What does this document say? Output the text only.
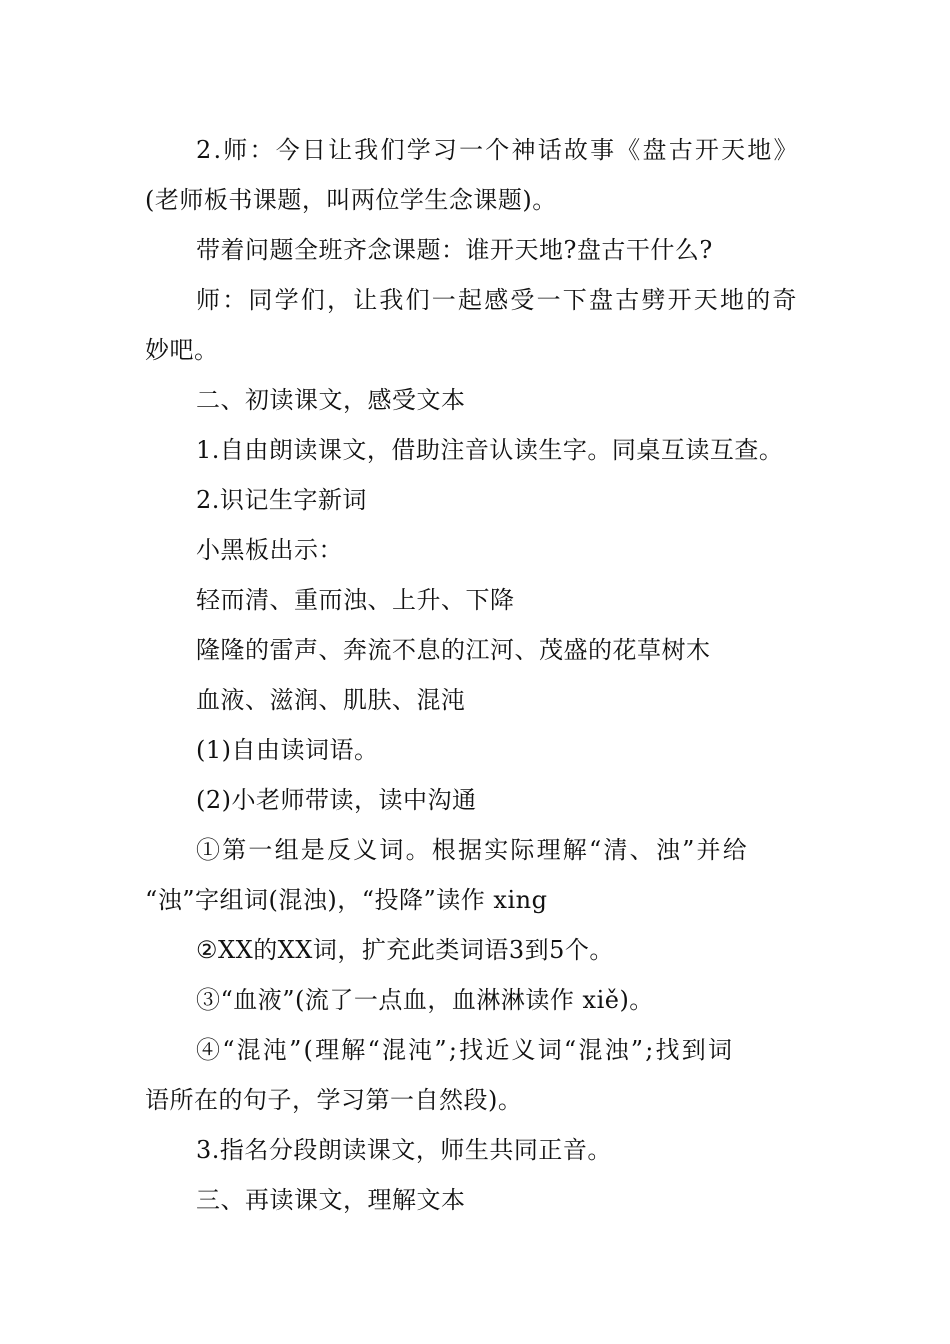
2.师：今日让我们学习一个神话故事《盘古开天地》
(老师板书课题，叫两位学生念课题)。
带着问题全班齐念课题：谁开天地?盘古干什么?
师：同学们，让我们一起感受一下盘古劈开天地的奇
妙吧。
二、初读课文，感受文本
1.自由朗读课文，借助注音认读生字。同桌互读互查。
2.识记生字新词
小黑板出示：
轻而清、重而浊、上升、下降
隆隆的雷声、奔流不息的江河、茂盛的花草树木
血液、滋润、肌肤、混沌
(1)自由读词语。
(2)小老师带读，读中沟通
①第一组是反义词。根据实际理解“清、浊”并给
“浊”字组词(混浊)，“投降”读作 xing
②XX的XX词，扩充此类词语3到5个。
③“血液”(流了一点血，血淋淋读作 xiě)。
④“混沌”(理解“混沌”;找近义词“混浊”;找到词
语所在的句子，学习第一自然段)。
3.指名分段朗读课文，师生共同正音。
三、再读课文，理解文本
